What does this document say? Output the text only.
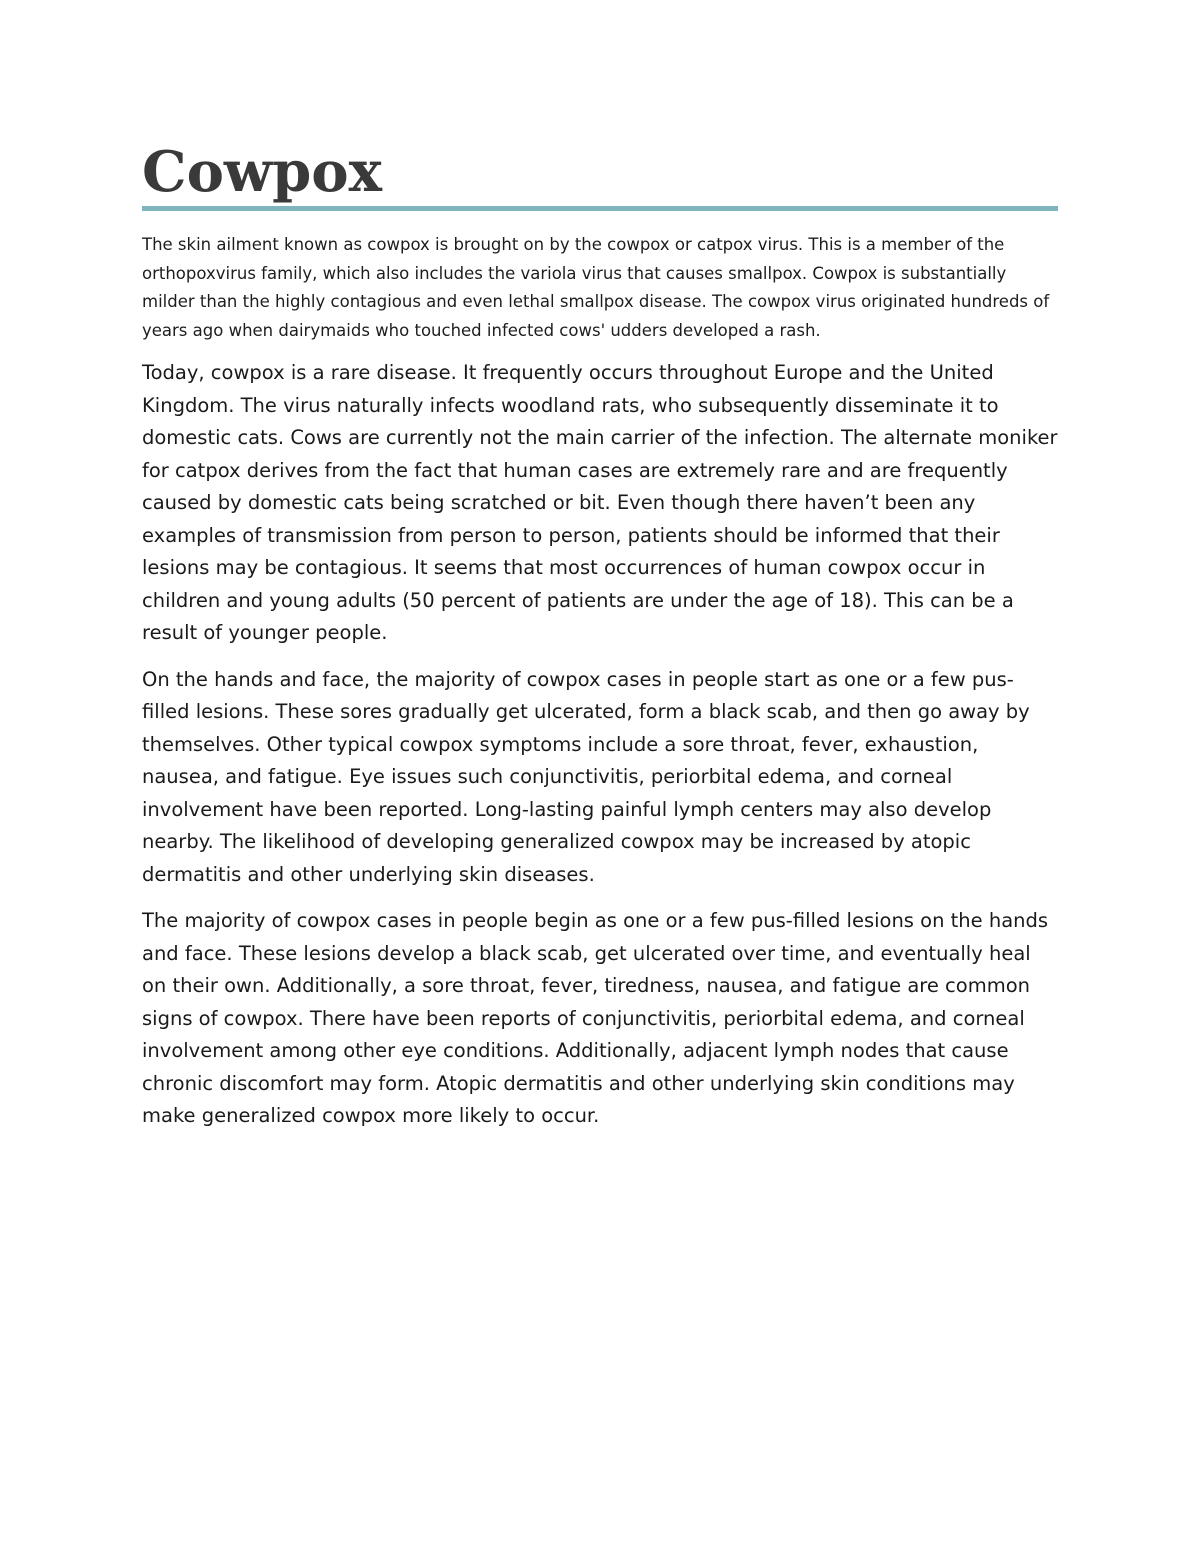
Cowpox

The skin ailment known as cowpox is brought on by the cowpox or catpox virus. This is a member of the orthopoxvirus family, which also includes the variola virus that causes smallpox. Cowpox is substantially milder than the highly contagious and even lethal smallpox disease. The cowpox virus originated hundreds of years ago when dairymaids who touched infected cows' udders developed a rash.

Today, cowpox is a rare disease. It frequently occurs throughout Europe and the United Kingdom. The virus naturally infects woodland rats, who subsequently disseminate it to domestic cats. Cows are currently not the main carrier of the infection. The alternate moniker for catpox derives from the fact that human cases are extremely rare and are frequently caused by domestic cats being scratched or bit. Even though there haven’t been any examples of transmission from person to person, patients should be informed that their lesions may be contagious. It seems that most occurrences of human cowpox occur in children and young adults (50 percent of patients are under the age of 18). This can be a result of younger people.

On the hands and face, the majority of cowpox cases in people start as one or a few pus-filled lesions. These sores gradually get ulcerated, form a black scab, and then go away by themselves. Other typical cowpox symptoms include a sore throat, fever, exhaustion, nausea, and fatigue. Eye issues such conjunctivitis, periorbital edema, and corneal involvement have been reported. Long-lasting painful lymph centers may also develop nearby. The likelihood of developing generalized cowpox may be increased by atopic dermatitis and other underlying skin diseases.

The majority of cowpox cases in people begin as one or a few pus-filled lesions on the hands and face. These lesions develop a black scab, get ulcerated over time, and eventually heal on their own. Additionally, a sore throat, fever, tiredness, nausea, and fatigue are common signs of cowpox. There have been reports of conjunctivitis, periorbital edema, and corneal involvement among other eye conditions. Additionally, adjacent lymph nodes that cause chronic discomfort may form. Atopic dermatitis and other underlying skin conditions may make generalized cowpox more likely to occur.
